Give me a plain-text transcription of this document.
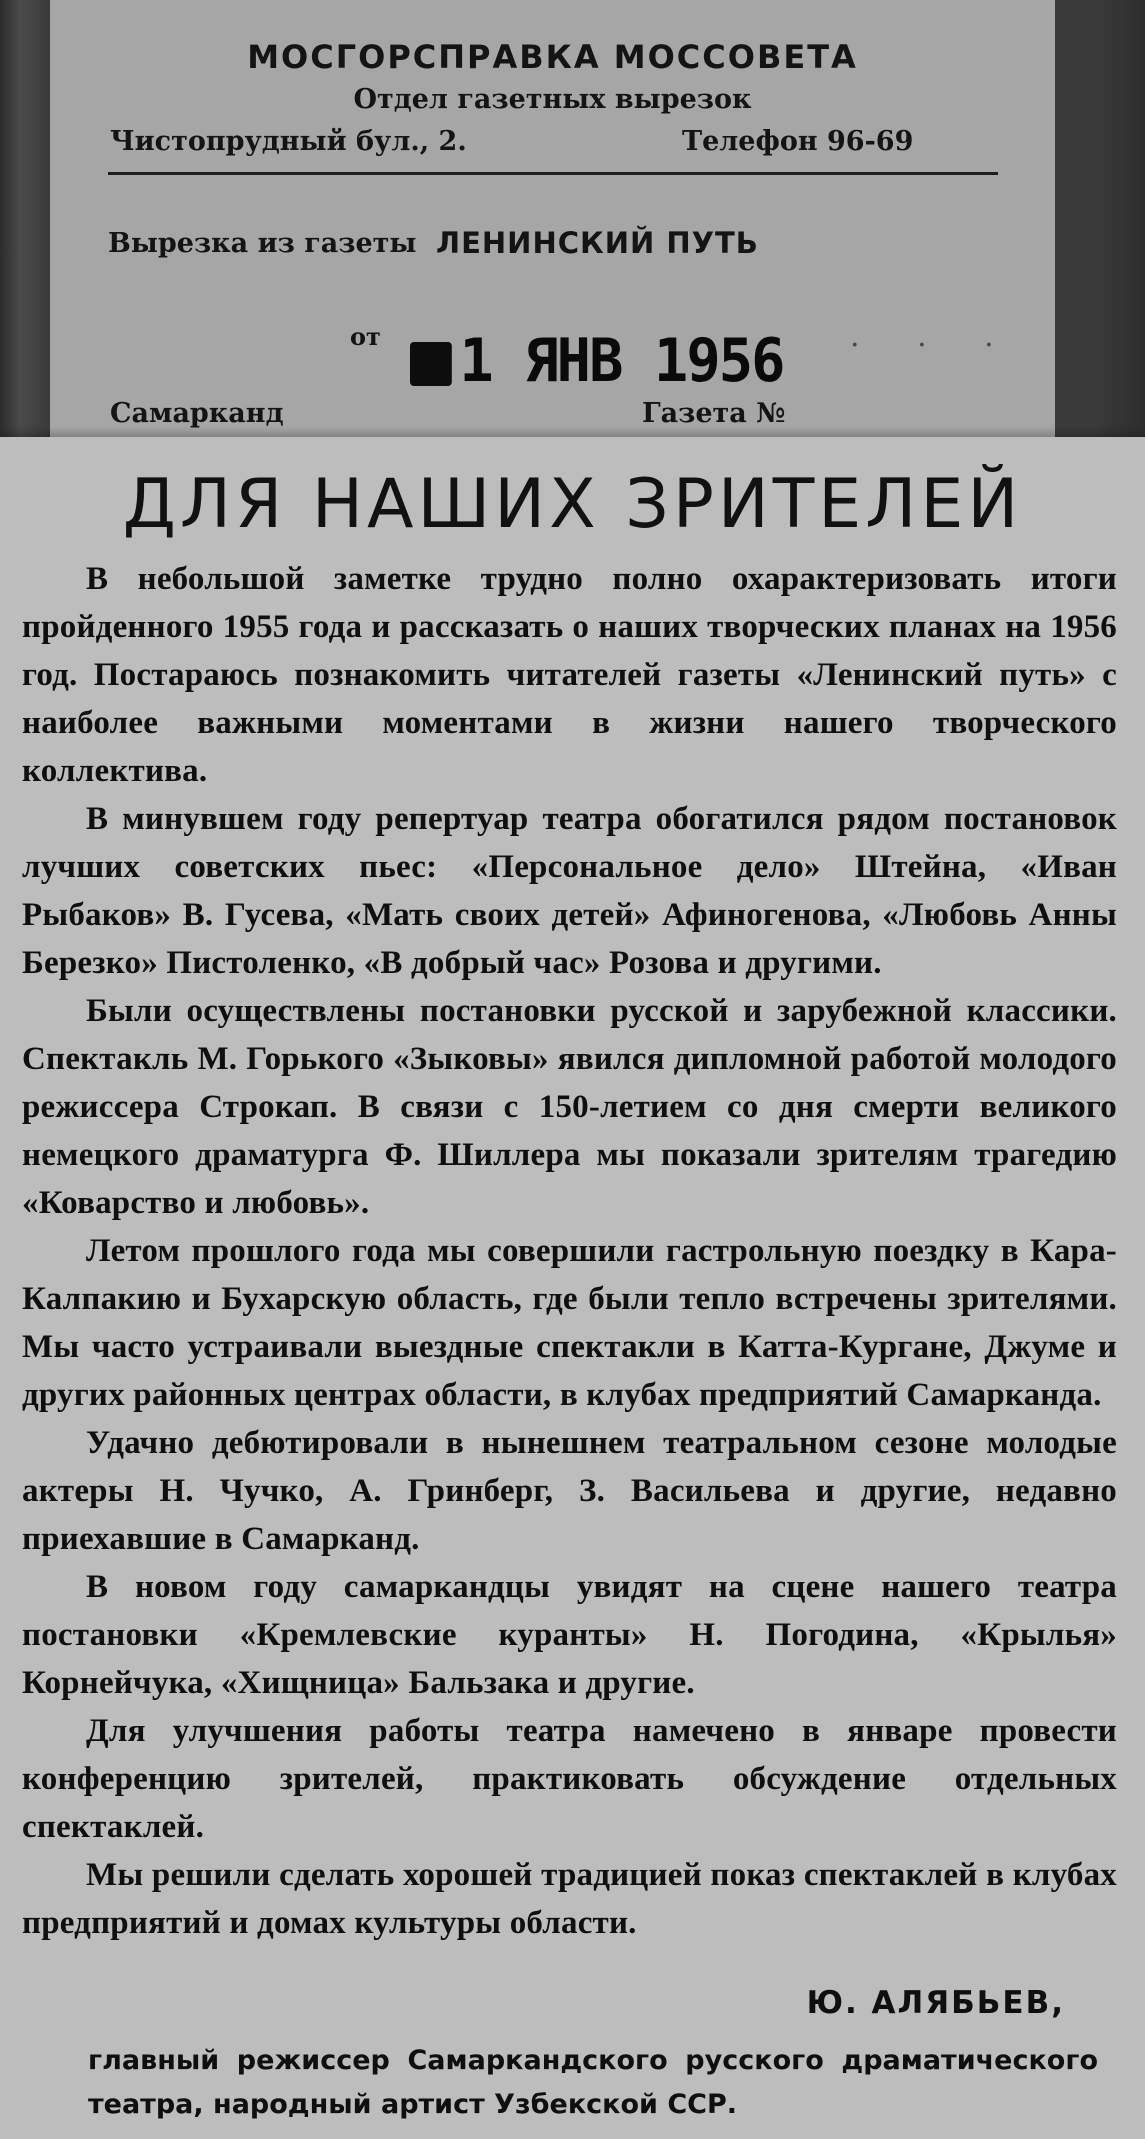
МОСГОРСПРАВКА МОССОВЕТА
Отдел газетных вырезок
Чистопрудный бул., 2.	Телефон 96-69
Вырезка из газеты ЛЕНИНСКИЙ ПУТЬ
от	1 ЯНВ 1956 · · ·
Самарканд	Газета №
ДЛЯ НАШИХ ЗРИТЕЛЕЙ

В небольшой заметке трудно полно охарактеризовать итоги пройденного 1955 года и рассказать о наших творческих планах на 1956 год. Постараюсь познакомить читателей газеты «Ленинский путь» с наиболее важными моментами в жизни нашего творческого коллектива.

В минувшем году репертуар театра обогатился рядом постановок лучших советских пьес: «Персональное дело» Штейна, «Иван Рыбаков» В. Гусева, «Мать своих детей» Афиногенова, «Любовь Анны Березко» Пистоленко, «В добрый час» Розова и другими.

Были осуществлены постановки русской и зарубежной классики. Спектакль М. Горького «Зыковы» явился дипломной работой молодого режиссера Строкап. В связи с 150-летием со дня смерти великого немецкого драматурга Ф. Шиллера мы показали зрителям трагедию «Коварство и любовь».

Летом прошлого года мы совершили гастрольную поездку в Кара-Калпакию и Бухарскую область, где были тепло встречены зрителями. Мы часто устраивали выездные спектакли в Катта-Кургане, Джуме и других районных центрах области, в клубах предприятий Самарканда.

Удачно дебютировали в нынешнем театральном сезоне молодые актеры Н. Чучко, А. Гринберг, З. Васильева и другие, недавно приехавшие в Самарканд.

В новом году самаркандцы увидят на сцене нашего театра постановки «Кремлевские куранты» Н. Погодина, «Крылья» Корнейчука, «Хищница» Бальзака и другие.

Для улучшения работы театра намечено в январе провести конференцию зрителей, практиковать обсуждение отдельных спектаклей.

Мы решили сделать хорошей традицией показ спектаклей в клубах предприятий и домах культуры области.

Ю. АЛЯБЬЕВ,
главный режиссер Самаркандского русского драматического театра, народный артист Узбекской ССР.
